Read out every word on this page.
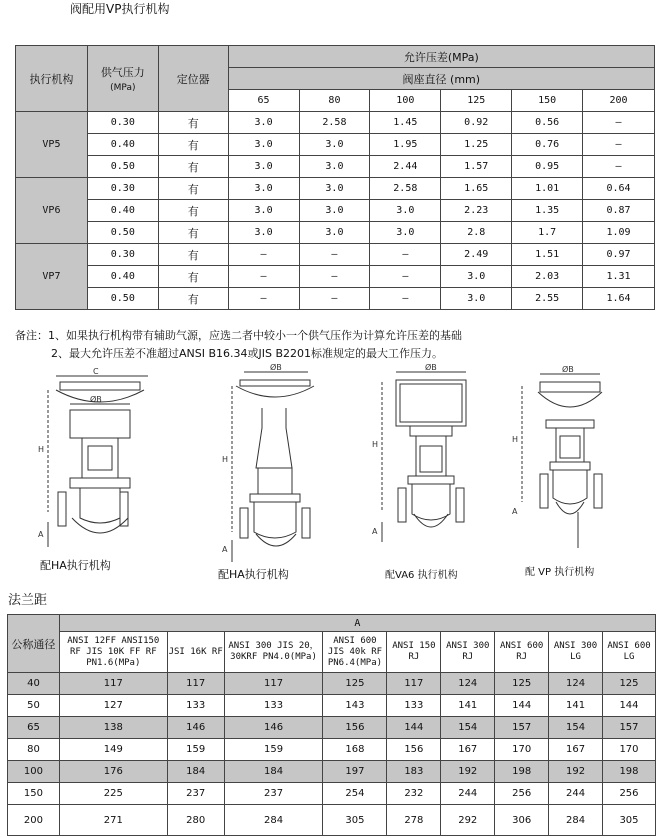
阀配用VP执行机构
执行机构	供气压力
(MPa)	定位器	允许压差(MPa)					
			阀座直径 (mm)					
			65	80	100	125	150	200
VP5	0.30	有	3.0	2.58	1.45	0.92	0.56	—
	0.40	有	3.0	3.0	1.95	1.25	0.76	—
	0.50	有	3.0	3.0	2.44	1.57	0.95	—
VP6	0.30	有	3.0	3.0	2.58	1.65	1.01	0.64
	0.40	有	3.0	3.0	3.0	2.23	1.35	0.87
	0.50	有	3.0	3.0	3.0	2.8	1.7	1.09
VP7	0.30	有	—	—	—	2.49	1.51	0.97
	0.40	有	—	—	—	3.0	2.03	1.31
	0.50	有	—	—	—	3.0	2.55	1.64
备注：1、如果执行机构带有辅助气源，应选二者中较小一个供气压作为计算允许压差的基础
2、最大允许压差不准超过ANSI B16.34或JIS B2201标准规定的最大工作压力。
C
ØB
H
A
ØB
H
A
ØB
H
A
ØB
H
A
配HA执行机构
配HA执行机构	配VA6 执行机构	配 VP 执行机构
法兰距
公称通径	A								
	ANSI 12FF ANSI150 RF JIS 10K FF RF PN1.6(MPa)	JSI 16K RF	ANSI 300 JIS 20，30KRF PN4.0(MPa)	ANSI 600 JIS 40k RF PN6.4(MPa)	ANSI 150 RJ	ANSI 300 RJ	ANSI 600 RJ	ANSI 300 LG	ANSI 600 LG
40	117	117	117	125	117	124	125	124	125
50	127	133	133	143	133	141	144	141	144
65	138	146	146	156	144	154	157	154	157
80	149	159	159	168	156	167	170	167	170
100	176	184	184	197	183	192	198	192	198
150	225	237	237	254	232	244	256	244	256
200	271	280	284	305	278	292	306	284	305
